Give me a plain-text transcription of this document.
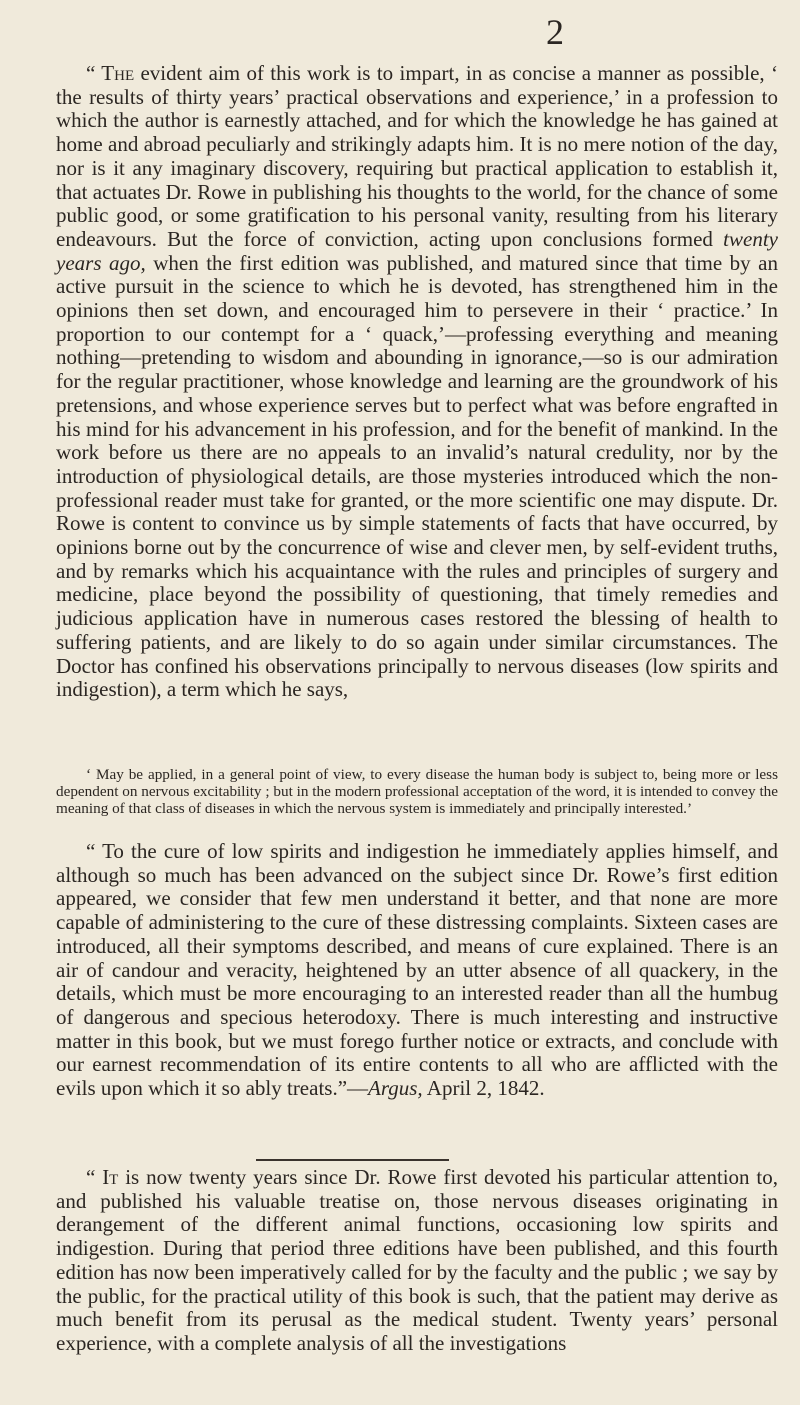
2

“ The evident aim of this work is to impart, in as concise a manner as possible, ‘ the results of thirty years’ practical observations and experience,’ in a profession to which the author is earnestly attached, and for which the knowledge he has gained at home and abroad peculiarly and strikingly adapts him. It is no mere notion of the day, nor is it any imaginary discovery, requiring but practical application to establish it, that actuates Dr. Rowe in publishing his thoughts to the world, for the chance of some public good, or some gratification to his personal vanity, resulting from his literary endeavours. But the force of conviction, acting upon conclusions formed twenty years ago, when the first edition was published, and matured since that time by an active pursuit in the science to which he is devoted, has strengthened him in the opinions then set down, and encouraged him to persevere in their ‘ practice.’ In proportion to our contempt for a ‘ quack,’—professing everything and meaning nothing—pretending to wisdom and abounding in ignorance,—so is our admiration for the regular practitioner, whose knowledge and learning are the groundwork of his pretensions, and whose experience serves but to perfect what was before engrafted in his mind for his advancement in his profession, and for the benefit of mankind. In the work before us there are no appeals to an invalid’s natural credulity, nor by the introduction of physiological details, are those mysteries introduced which the non-professional reader must take for granted, or the more scientific one may dispute. Dr. Rowe is content to convince us by simple statements of facts that have occurred, by opinions borne out by the concurrence of wise and clever men, by self-evident truths, and by remarks which his acquaintance with the rules and principles of surgery and medicine, place beyond the possibility of questioning, that timely remedies and judicious application have in numerous cases restored the blessing of health to suffering patients, and are likely to do so again under similar circumstances. The Doctor has confined his observations principally to nervous diseases (low spirits and indigestion), a term which he says,

‘ May be applied, in a general point of view, to every disease the human body is subject to, being more or less dependent on nervous excitability ; but in the modern professional acceptation of the word, it is intended to convey the meaning of that class of diseases in which the nervous system is immediately and principally interested.’

“ To the cure of low spirits and indigestion he immediately applies himself, and although so much has been advanced on the subject since Dr. Rowe’s first edition appeared, we consider that few men understand it better, and that none are more capable of administering to the cure of these distressing complaints. Sixteen cases are introduced, all their symptoms described, and means of cure explained. There is an air of candour and veracity, heightened by an utter absence of all quackery, in the details, which must be more encouraging to an interested reader than all the humbug of dangerous and specious heterodoxy. There is much interesting and instructive matter in this book, but we must forego further notice or extracts, and conclude with our earnest recommendation of its entire contents to all who are afflicted with the evils upon which it so ably treats.”—Argus, April 2, 1842.

“ It is now twenty years since Dr. Rowe first devoted his particular attention to, and published his valuable treatise on, those nervous diseases originating in derangement of the different animal functions, occasioning low spirits and indigestion. During that period three editions have been published, and this fourth edition has now been imperatively called for by the faculty and the public ; we say by the public, for the practical utility of this book is such, that the patient may derive as much benefit from its perusal as the medical student. Twenty years’ personal experience, with a complete analysis of all the investigations
